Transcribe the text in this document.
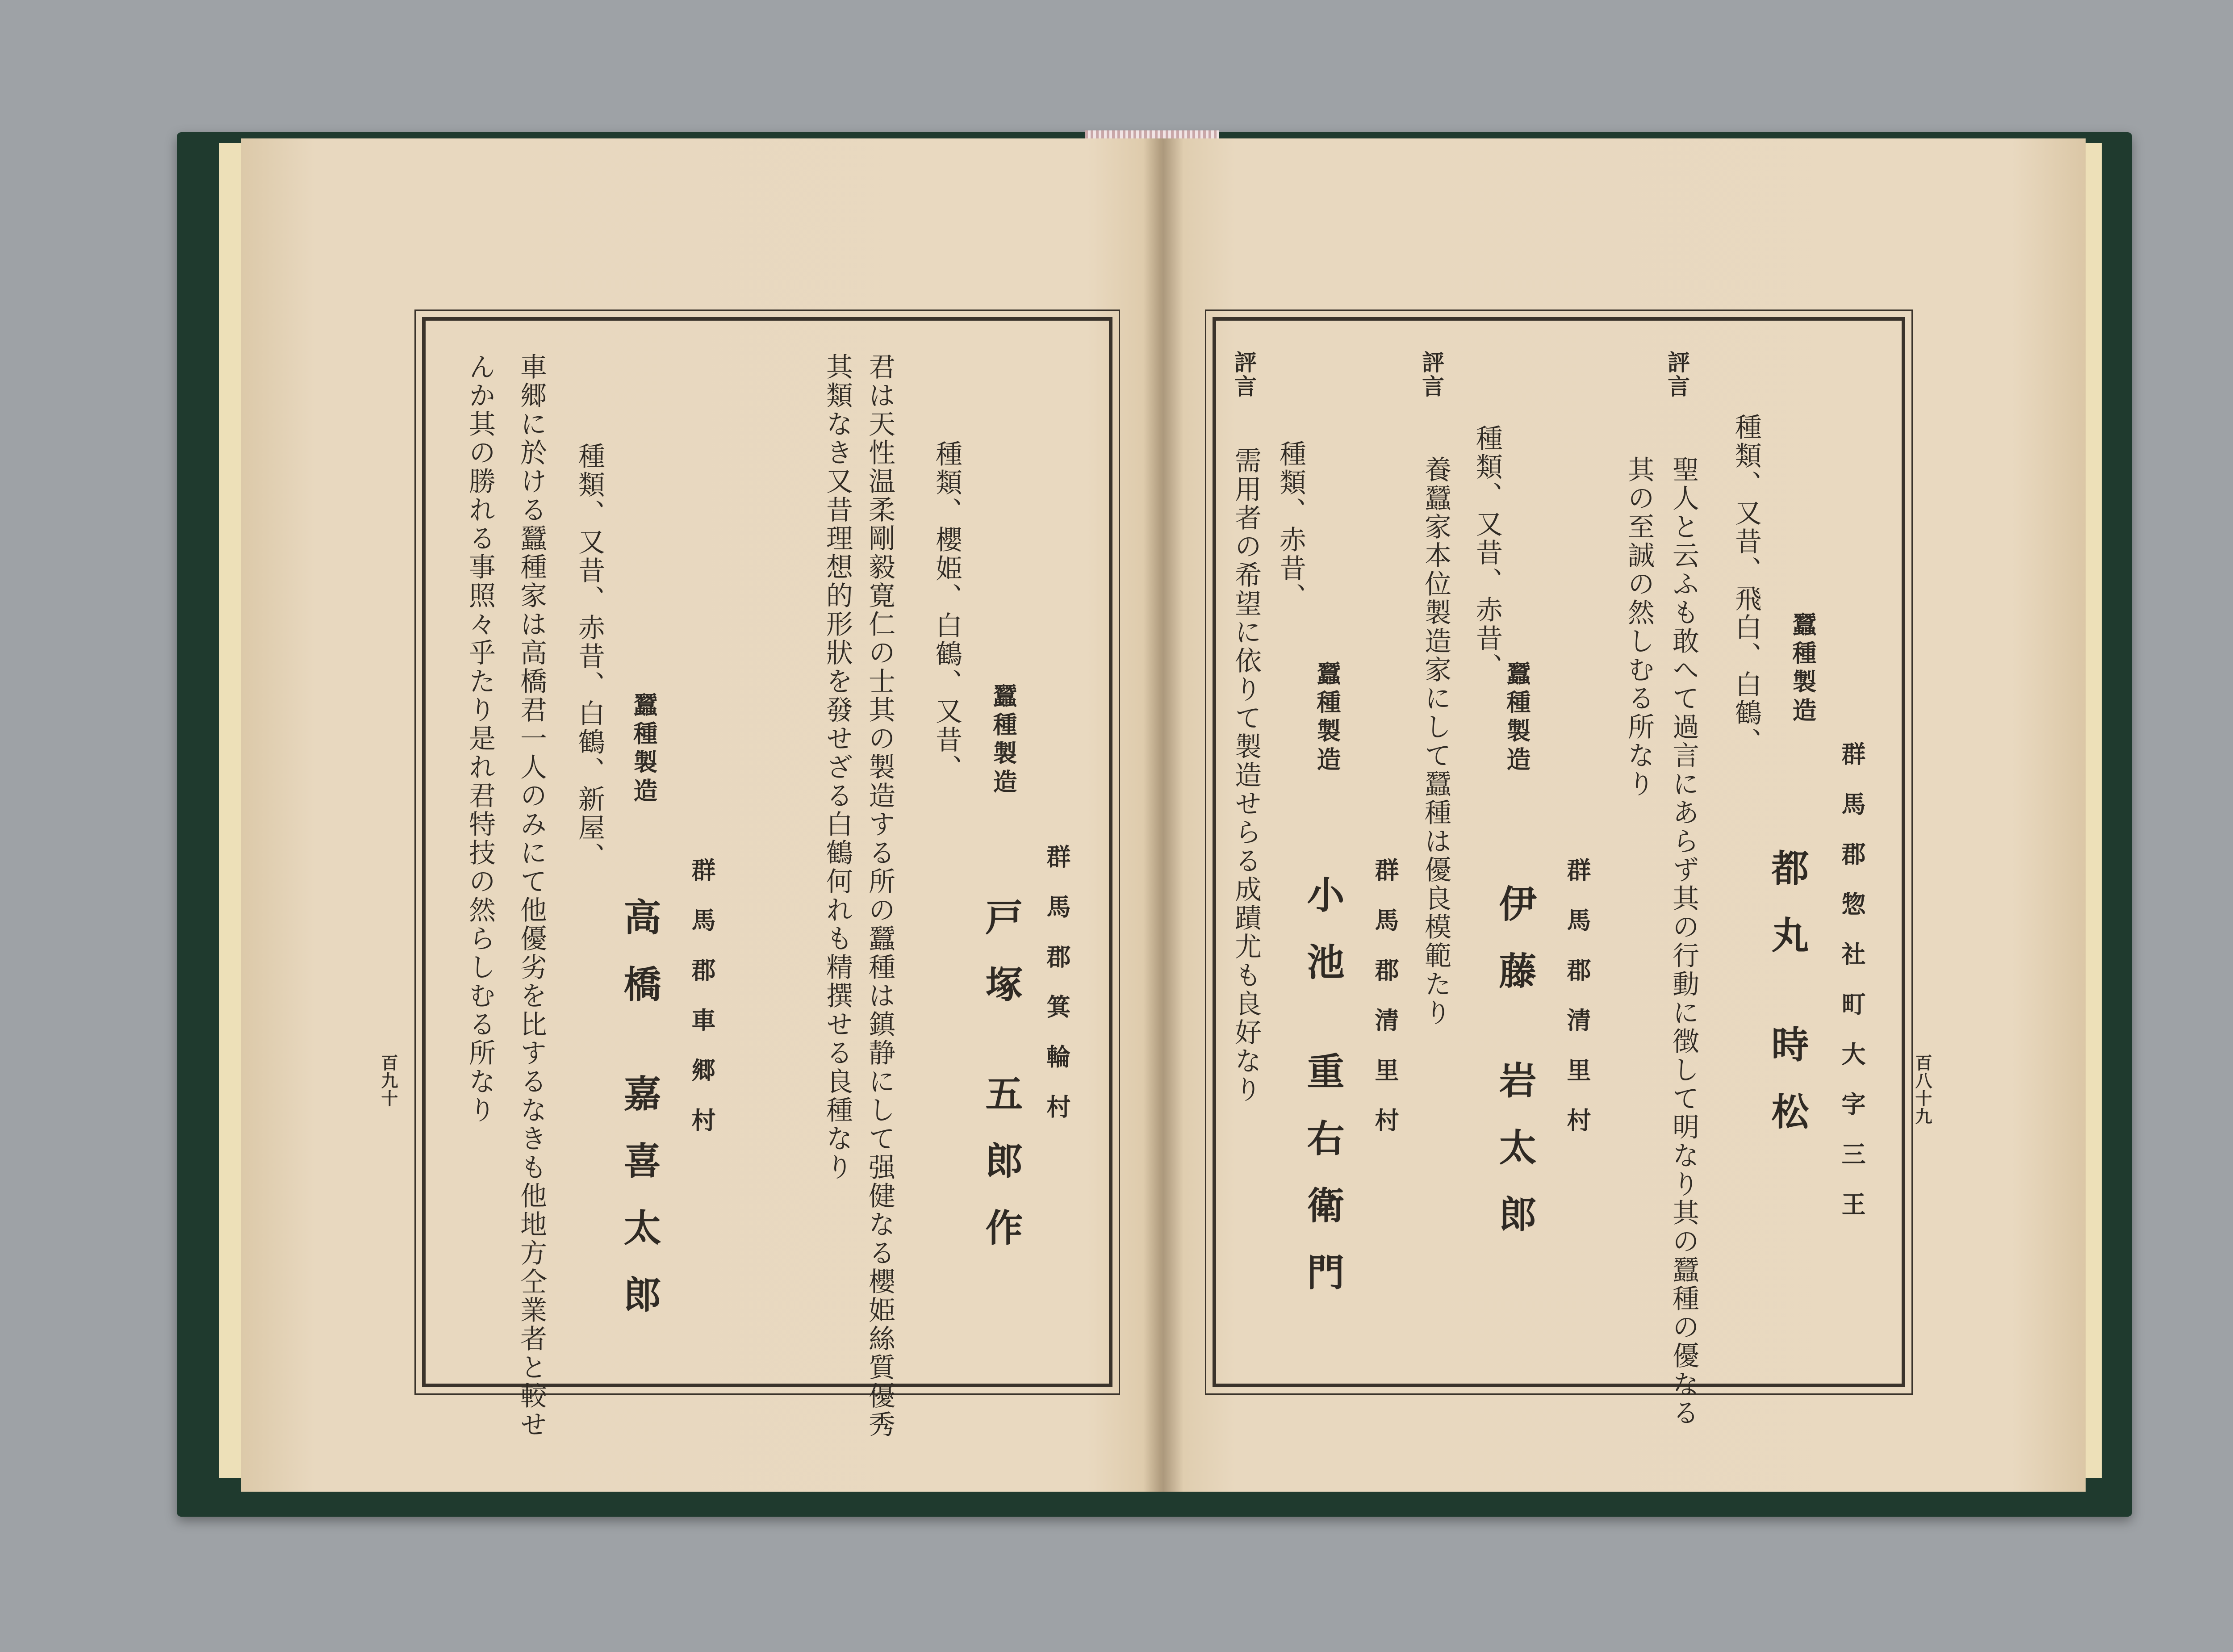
百八十九
群馬郡惣社町大字三王
蠶種製造
都丸 時松
種類、又昔、飛白、白鶴、
評言
聖人と云ふも敢へて過言にあらず其の行動に徴して明なり其の蠶種の優なる
其の至誠の然しむる所なり
群馬郡清里村
蠶種製造
伊藤 岩太郎
種類、又昔、赤昔、
評言
養蠶家本位製造家にして蠶種は優良模範たり
群馬郡清里村
蠶種製造
小池 重右衛門
種類、赤昔、
評言
需用者の希望に依りて製造せらる成蹟尤も良好なり
群馬郡箕輪村
蠶種製造
戸塚 五郎作
種類、櫻姫、白鶴、又昔、
君は天性温柔剛毅寛仁の士其の製造する所の蠶種は鎮静にして强健なる櫻姫絲質優秀
其類なき又昔理想的形狀を發せざる白鶴何れも精撰せる良種なり
群馬郡車郷村
蠶種製造
高橋 嘉喜太郎
種類、又昔、赤昔、白鶴、新屋、
車郷に於ける蠶種家は高橋君一人のみにて他優劣を比するなきも他地方仝業者と較せ
んか其の勝れる事照々乎たり是れ君特技の然らしむる所なり
百九十
